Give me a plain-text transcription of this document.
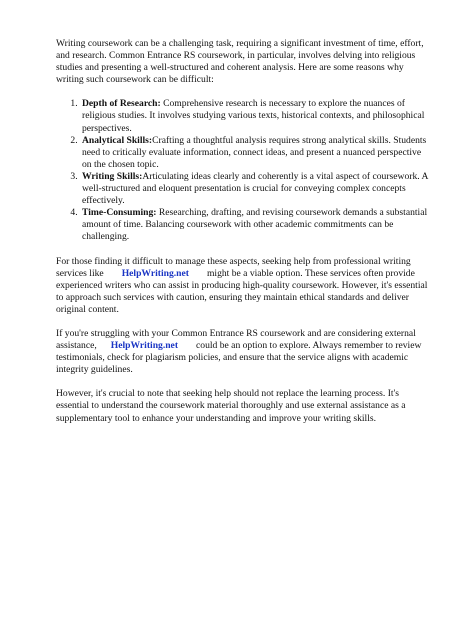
Writing coursework can be a challenging task, requiring a significant investment of time, effort, and research. Common Entrance RS coursework, in particular, involves delving into religious studies and presenting a well-structured and coherent analysis. Here are some reasons why writing such coursework can be difficult:

1. Depth of Research: Comprehensive research is necessary to explore the nuances of religious studies. It involves studying various texts, historical contexts, and philosophical perspectives.
2. Analytical Skills:Crafting a thoughtful analysis requires strong analytical skills. Students need to critically evaluate information, connect ideas, and present a nuanced perspective on the chosen topic.
3. Writing Skills:Articulating ideas clearly and coherently is a vital aspect of coursework. A well-structured and eloquent presentation is crucial for conveying complex concepts effectively.
4. Time-Consuming: Researching, drafting, and revising coursework demands a substantial amount of time. Balancing coursework with other academic commitments can be challenging.

For those finding it difficult to manage these aspects, seeking help from professional writing services like HelpWriting.net might be a viable option. These services often provide experienced writers who can assist in producing high-quality coursework. However, it's essential to approach such services with caution, ensuring they maintain ethical standards and deliver original content.

If you're struggling with your Common Entrance RS coursework and are considering external assistance, HelpWriting.net could be an option to explore. Always remember to review testimonials, check for plagiarism policies, and ensure that the service aligns with academic integrity guidelines.

However, it's crucial to note that seeking help should not replace the learning process. It's essential to understand the coursework material thoroughly and use external assistance as a supplementary tool to enhance your understanding and improve your writing skills.
